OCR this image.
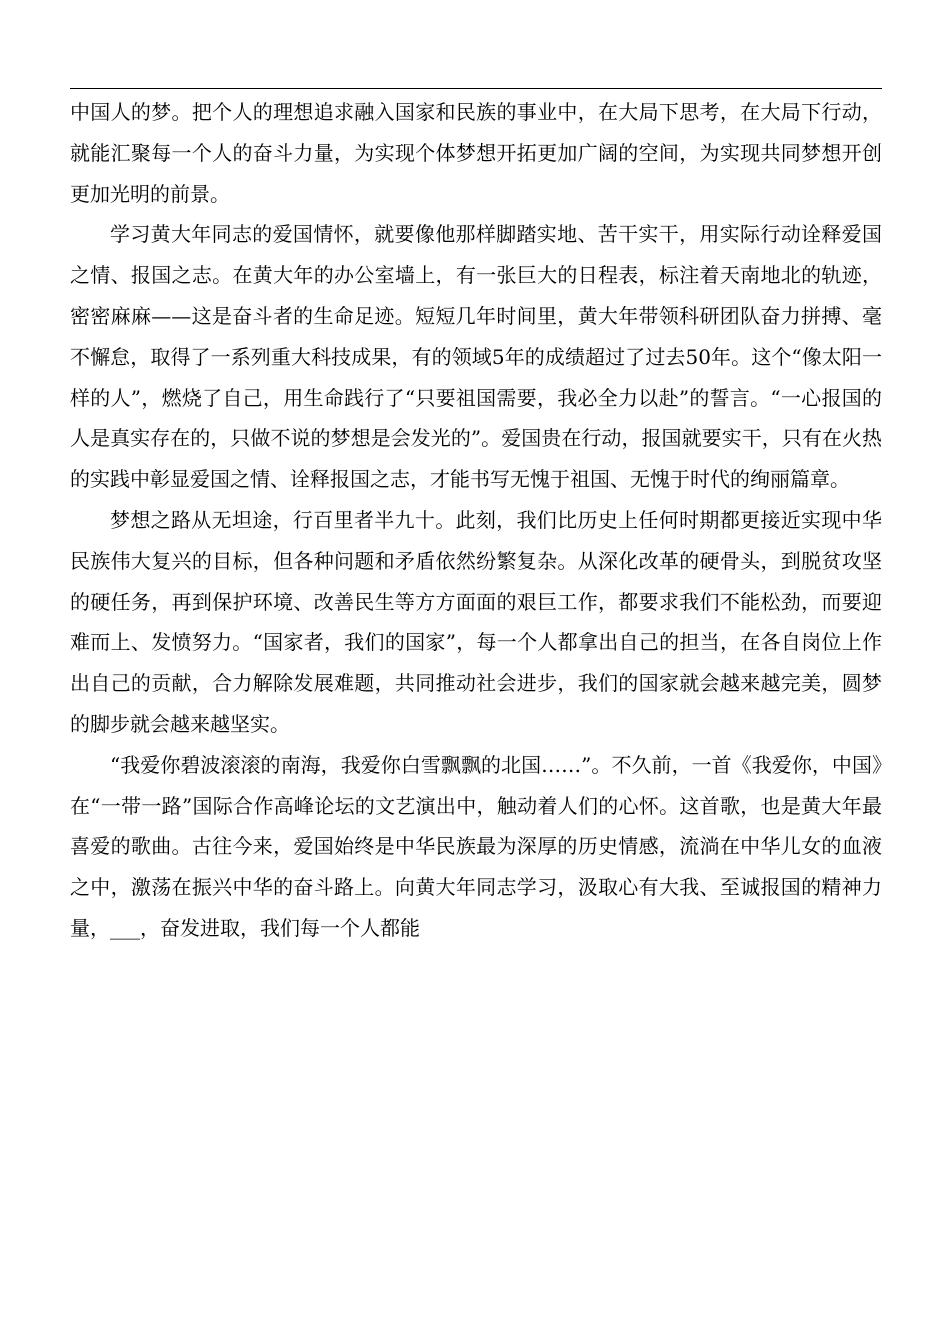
中国人的梦。把个人的理想追求融入国家和民族的事业中，在大局下思考，在大局下行动，就能汇聚每一个人的奋斗力量，为实现个体梦想开拓更加广阔的空间，为实现共同梦想开创更加光明的前景。

学习黄大年同志的爱国情怀，就要像他那样脚踏实地、苦干实干，用实际行动诠释爱国之情、报国之志。在黄大年的办公室墙上，有一张巨大的日程表，标注着天南地北的轨迹，密密麻麻——这是奋斗者的生命足迹。短短几年时间里，黄大年带领科研团队奋力拼搏、毫不懈怠，取得了一系列重大科技成果，有的领域5年的成绩超过了过去50年。这个“像太阳一样的人”，燃烧了自己，用生命践行了“只要祖国需要，我必全力以赴”的誓言。“一心报国的人是真实存在的，只做不说的梦想是会发光的”。爱国贵在行动，报国就要实干，只有在火热的实践中彰显爱国之情、诠释报国之志，才能书写无愧于祖国、无愧于时代的绚丽篇章。

梦想之路从无坦途，行百里者半九十。此刻，我们比历史上任何时期都更接近实现中华民族伟大复兴的目标，但各种问题和矛盾依然纷繁复杂。从深化改革的硬骨头，到脱贫攻坚的硬任务，再到保护环境、改善民生等方方面面的艰巨工作，都要求我们不能松劲，而要迎难而上、发愤努力。“国家者，我们的国家”，每一个人都拿出自己的担当，在各自岗位上作出自己的贡献，合力解除发展难题，共同推动社会进步，我们的国家就会越来越完美，圆梦的脚步就会越来越坚实。

“我爱你碧波滚滚的南海，我爱你白雪飘飘的北国……”。不久前，一首《我爱你，中国》在“一带一路”国际合作高峰论坛的文艺演出中，触动着人们的心怀。这首歌，也是黄大年最喜爱的歌曲。古往今来，爱国始终是中华民族最为深厚的历史情感，流淌在中华儿女的血液之中，激荡在振兴中华的奋斗路上。向黄大年同志学习，汲取心有大我、至诚报国的精神力量，___，奋发进取，我们每一个人都能
